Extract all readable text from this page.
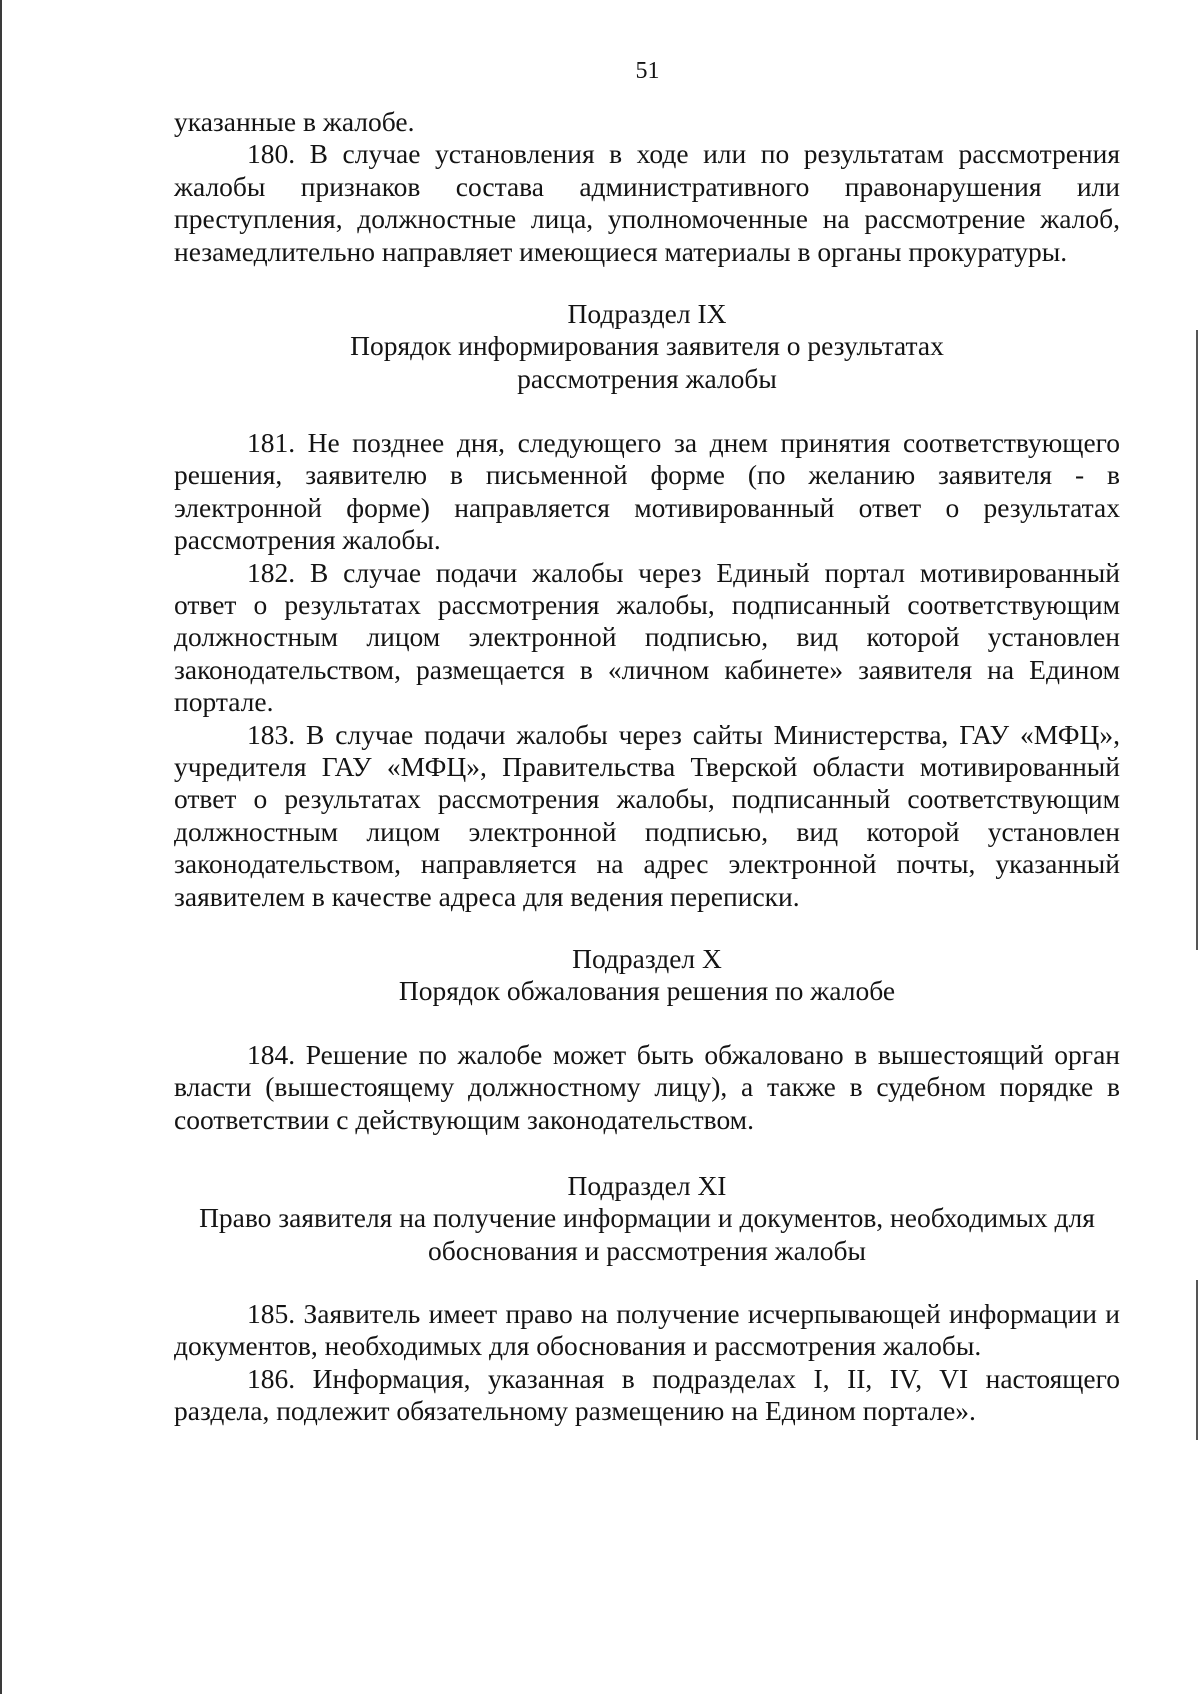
51

указанные в жалобе.

180. В случае установления в ходе или по результатам рассмотрения жалобы признаков состава административного правонарушения или преступления, должностные лица, уполномоченные на рассмотрение жалоб, незамедлительно направляет имеющиеся материалы в органы прокуратуры.

Подраздел IX
Порядок информирования заявителя о результатах
рассмотрения жалобы

181. Не позднее дня, следующего за днем принятия соответствующего решения, заявителю в письменной форме (по желанию заявителя - в электронной форме) направляется мотивированный ответ о результатах рассмотрения жалобы.

182. В случае подачи жалобы через Единый портал мотивированный ответ о результатах рассмотрения жалобы, подписанный соответствующим должностным лицом электронной подписью, вид которой установлен законодательством, размещается в «личном кабинете» заявителя на Едином портале.

183. В случае подачи жалобы через сайты Министерства, ГАУ «МФЦ», учредителя ГАУ «МФЦ», Правительства Тверской области мотивированный ответ о результатах рассмотрения жалобы, подписанный соответствующим должностным лицом электронной подписью, вид которой установлен законодательством, направляется на адрес электронной почты, указанный заявителем в качестве адреса для ведения переписки.

Подраздел X
Порядок обжалования решения по жалобе

184. Решение по жалобе может быть обжаловано в вышестоящий орган власти (вышестоящему должностному лицу), а также в судебном порядке в соответствии с действующим законодательством.

Подраздел XI
Право заявителя на получение информации и документов, необходимых для
обоснования и рассмотрения жалобы

185. Заявитель имеет право на получение исчерпывающей информации и документов, необходимых для обоснования и рассмотрения жалобы.

186. Информация, указанная в подразделах I, II, IV, VI настоящего раздела, подлежит обязательному размещению на Едином портале».
